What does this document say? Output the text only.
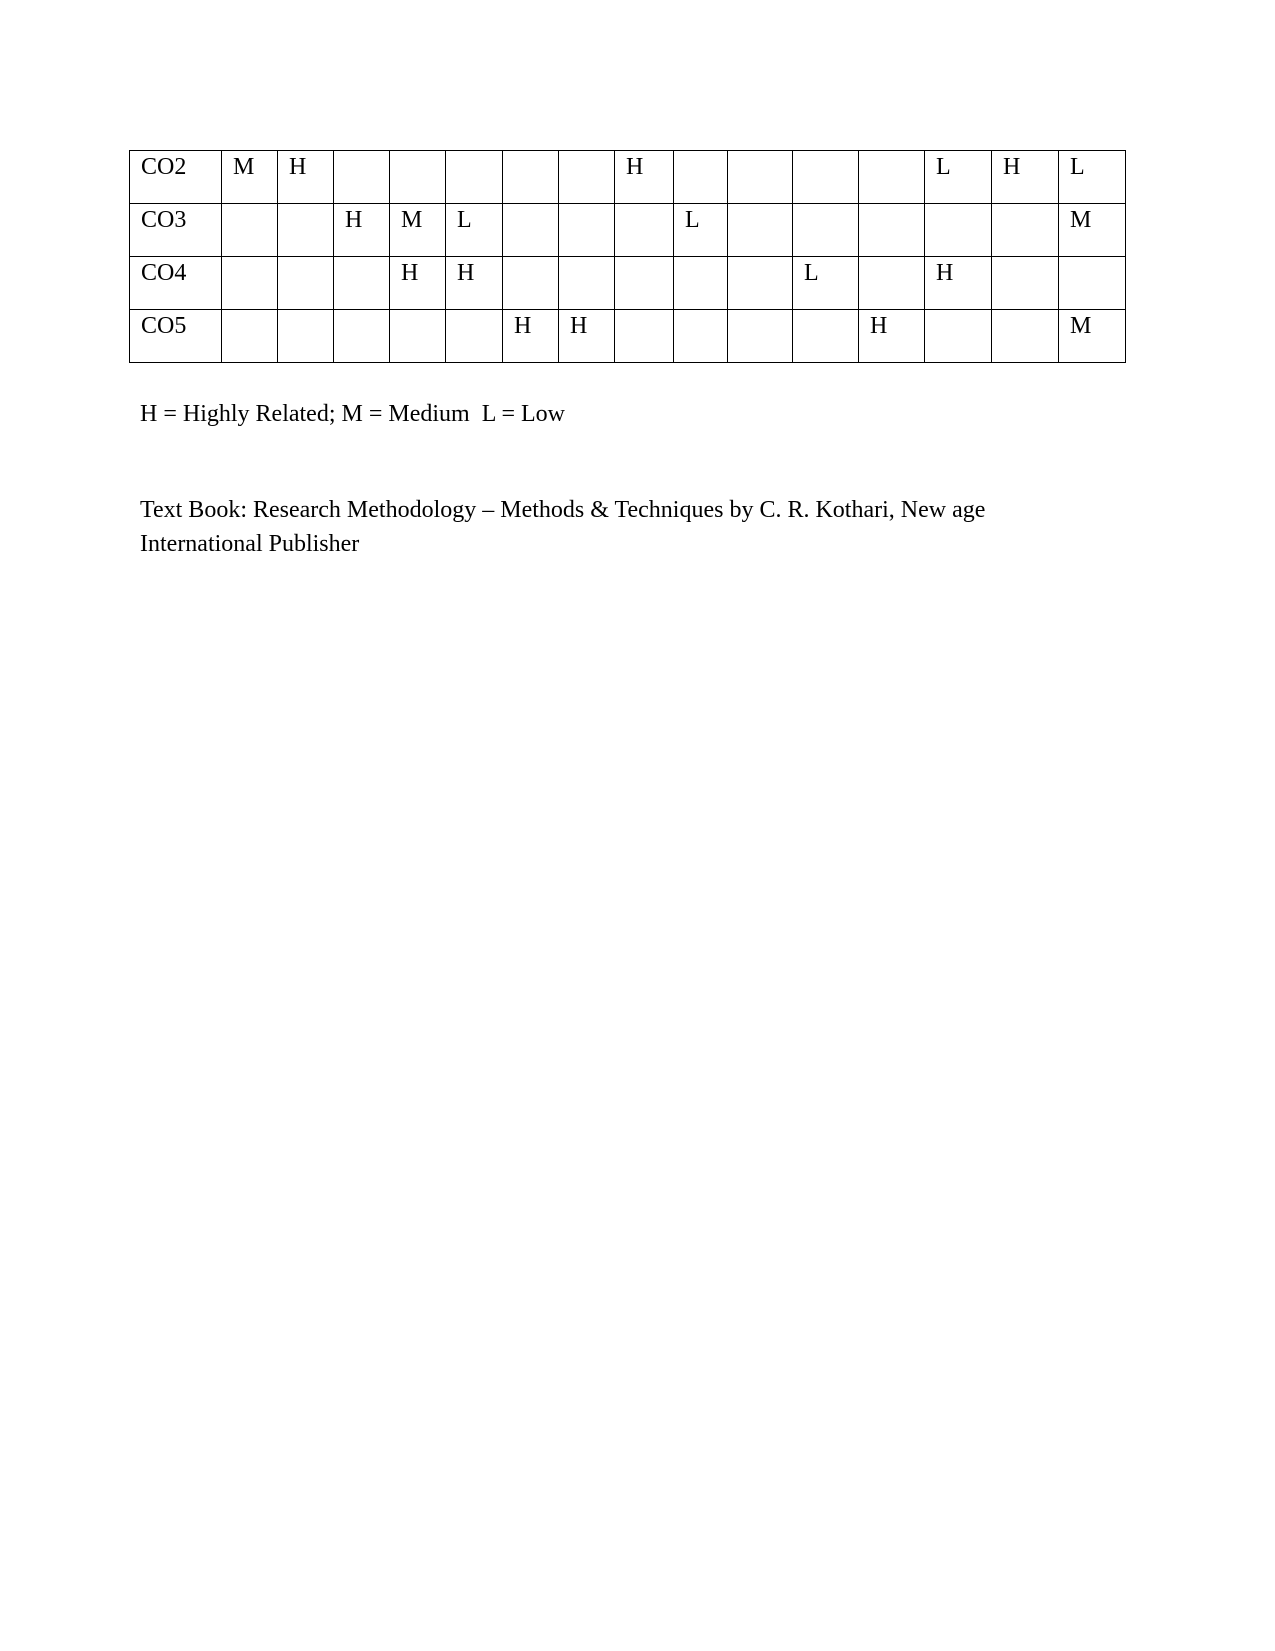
CO2	M	H						H					L	H	L
CO3			H	M	L				L						M
CO4				H	H						L		H		
CO5						H	H					H			M

H = Highly Related; M = Medium  L = Low

Text Book: Research Methodology – Methods & Techniques by C. R. Kothari, New age International Publisher
